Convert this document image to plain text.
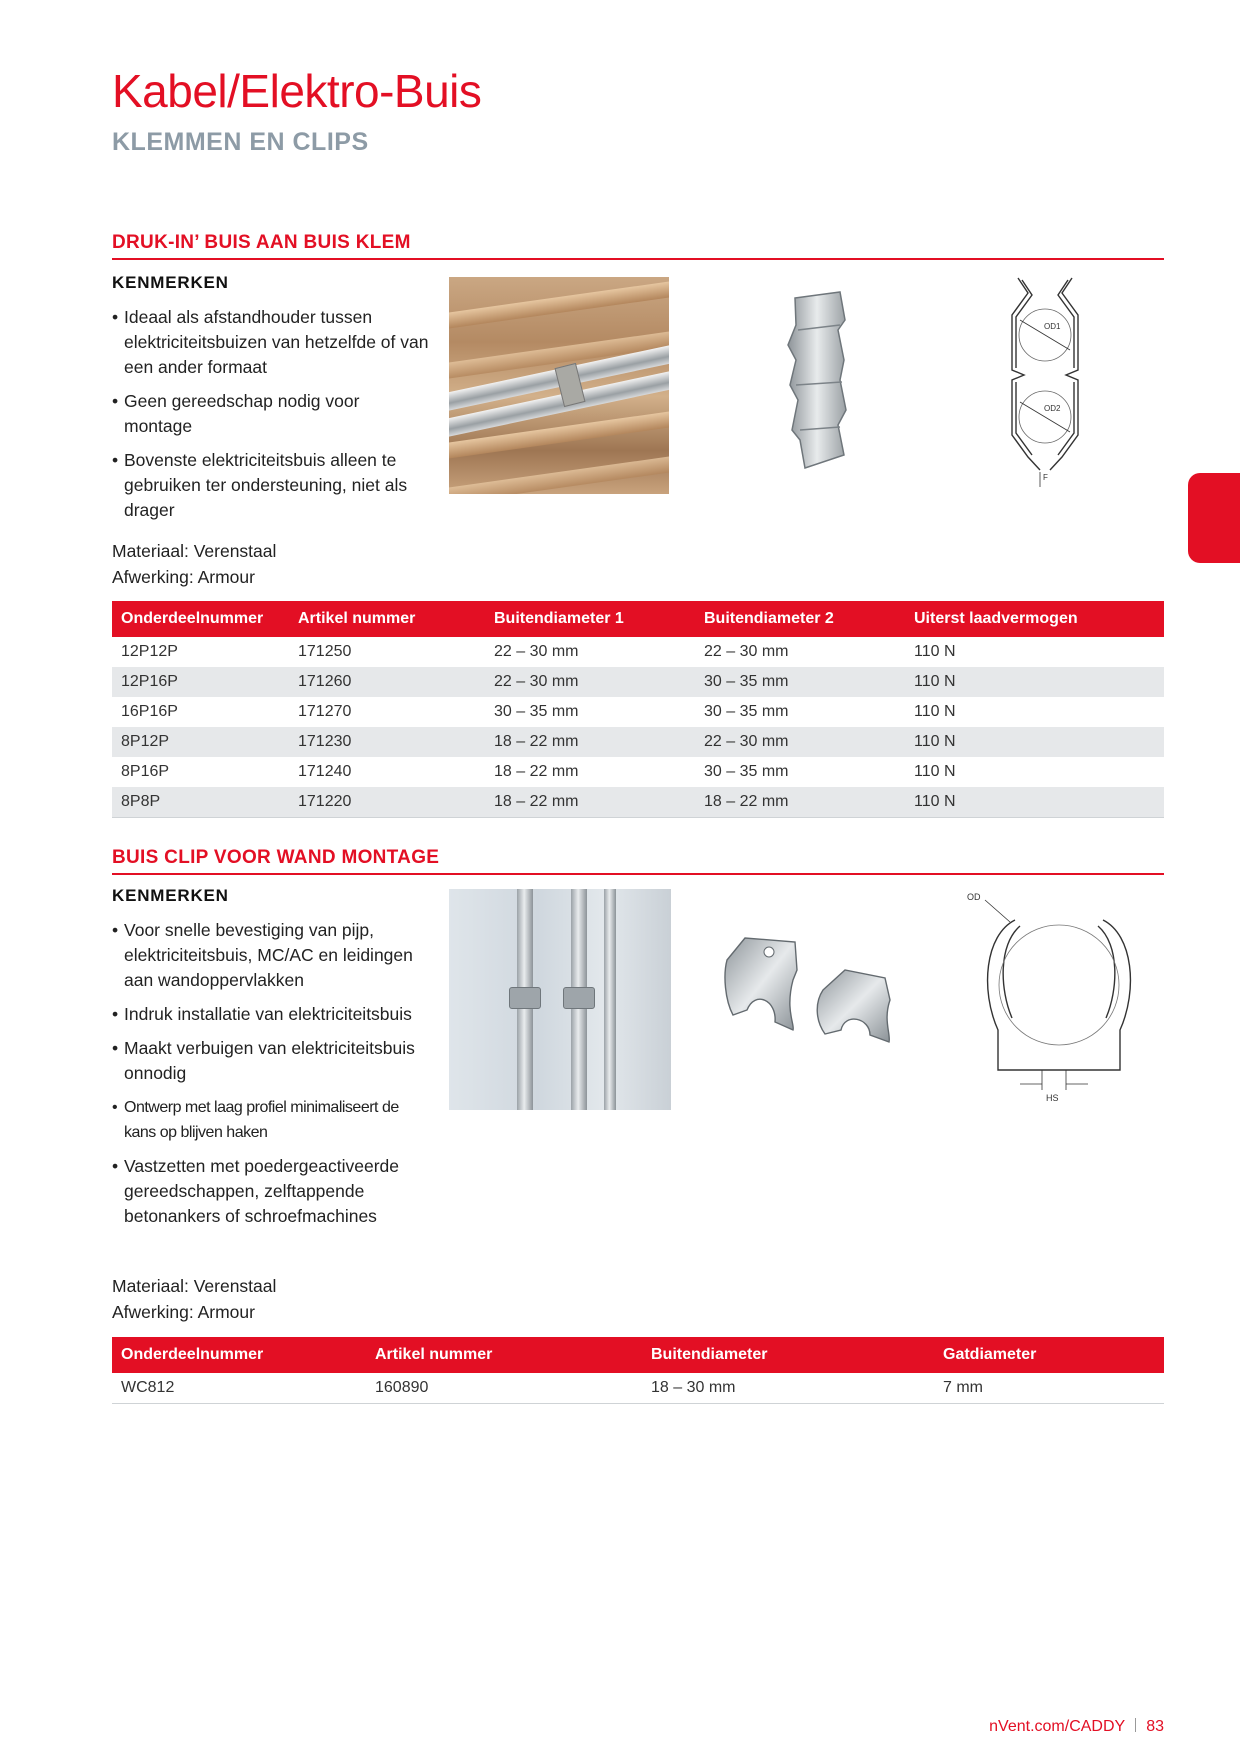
Kabel/Elektro-Buis
KLEMMEN EN CLIPS
DRUK-IN’ BUIS AAN BUIS KLEM
KENMERKEN
• Ideaal als afstandhouder tussen elektriciteitsbuizen van hetzelfde of van een ander formaat
• Geen gereedschap nodig voor montage
• Bovenste elektriciteitsbuis alleen te gebruiken ter ondersteuning, niet als drager
Materiaal: Verenstaal
Afwerking: Armour
OD1
OD2
F
Onderdeelnummer	Artikel nummer	Buitendiameter 1	Buitendiameter 2	Uiterst laadvermogen
12P12P	171250	22 – 30 mm	22 – 30 mm	110 N
12P16P	171260	22 – 30 mm	30 – 35 mm	110 N
16P16P	171270	30 – 35 mm	30 – 35 mm	110 N
8P12P	171230	18 – 22 mm	22 – 30 mm	110 N
8P16P	171240	18 – 22 mm	30 – 35 mm	110 N
8P8P	171220	18 – 22 mm	18 – 22 mm	110 N
BUIS CLIP VOOR WAND MONTAGE
KENMERKEN
• Voor snelle bevestiging van pijp, elektriciteitsbuis, MC/AC en leidingen aan wandoppervlakken
• Indruk installatie van elektriciteitsbuis
• Maakt verbuigen van elektriciteitsbuis onnodig
• Ontwerp met laag profiel minimaliseert de kans op blijven haken
• Vastzetten met poedergeactiveerde gereedschappen, zelftappende betonankers of schroefmachines
Materiaal: Verenstaal
Afwerking: Armour
OD
HS
Onderdeelnummer	Artikel nummer	Buitendiameter	Gatdiameter
WC812	160890	18 – 30 mm	7 mm
nVent.com/CADDY 83
